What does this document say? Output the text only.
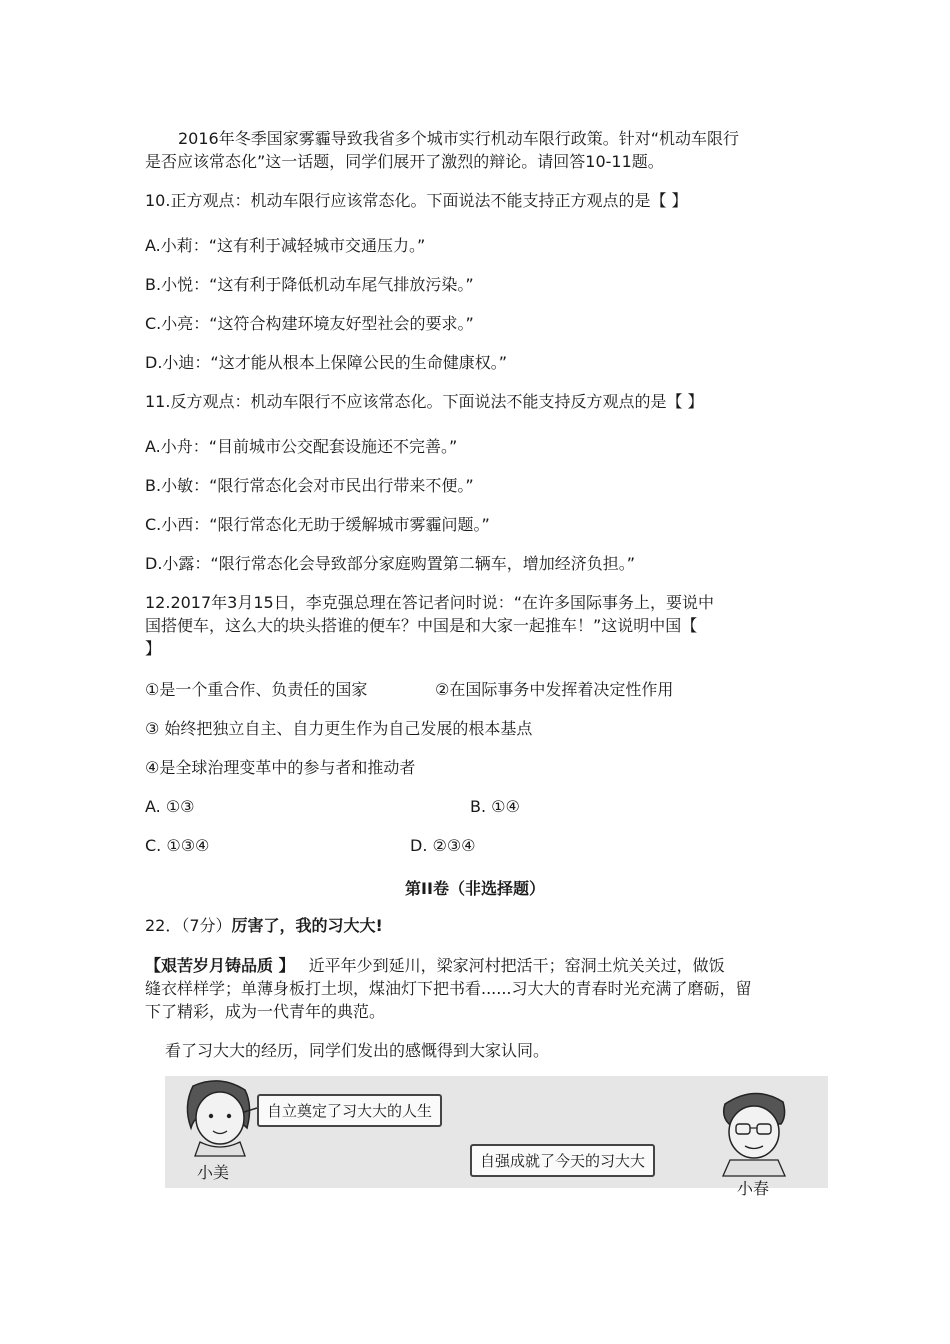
2016年冬季国家雾霾导致我省多个城市实行机动车限行政策。针对“机动车限行
是否应该常态化”这一话题，同学们展开了激烈的辩论。请回答10-11题。
10.正方观点：机动车限行应该常态化。下面说法不能支持正方观点的是【 】
A.小莉：“这有利于减轻城市交通压力。”
B.小悦：“这有利于降低机动车尾气排放污染。”
C.小亮：“这符合构建环境友好型社会的要求。”
D.小迪：“这才能从根本上保障公民的生命健康权。”
11.反方观点：机动车限行不应该常态化。下面说法不能支持反方观点的是【 】
A.小舟：“目前城市公交配套设施还不完善。”
B.小敏：“限行常态化会对市民出行带来不便。”
C.小西：“限行常态化无助于缓解城市雾霾问题。”
D.小露：“限行常态化会导致部分家庭购置第二辆车，增加经济负担。”
12.2017年3月15日，李克强总理在答记者问时说：“在许多国际事务上，要说中
国搭便车，这么大的块头搭谁的便车？中国是和大家一起推车！”这说明中国【
】
①是一个重合作、负责任的国家	②在国际事务中发挥着决定性作用
③ 始终把独立自主、自力更生作为自己发展的根本基点
④是全球治理变革中的参与者和推动者
A. ①③	B. ①④
C. ①③④	D. ②③④
第II卷（非选择题）
22．（7分）厉害了，我的习大大!
【艰苦岁月铸品质 】 近平年少到延川，梁家河村把活干；窑洞土炕关关过，做饭
缝衣样样学；单薄身板打土坝，煤油灯下把书看......习大大的青春时光充满了磨砺，留
下了精彩，成为一代青年的典范。
看了习大大的经历，同学们发出的感慨得到大家认同。
自立奠定了习大大的人生
自强成就了今天的习大大
小美
小春
